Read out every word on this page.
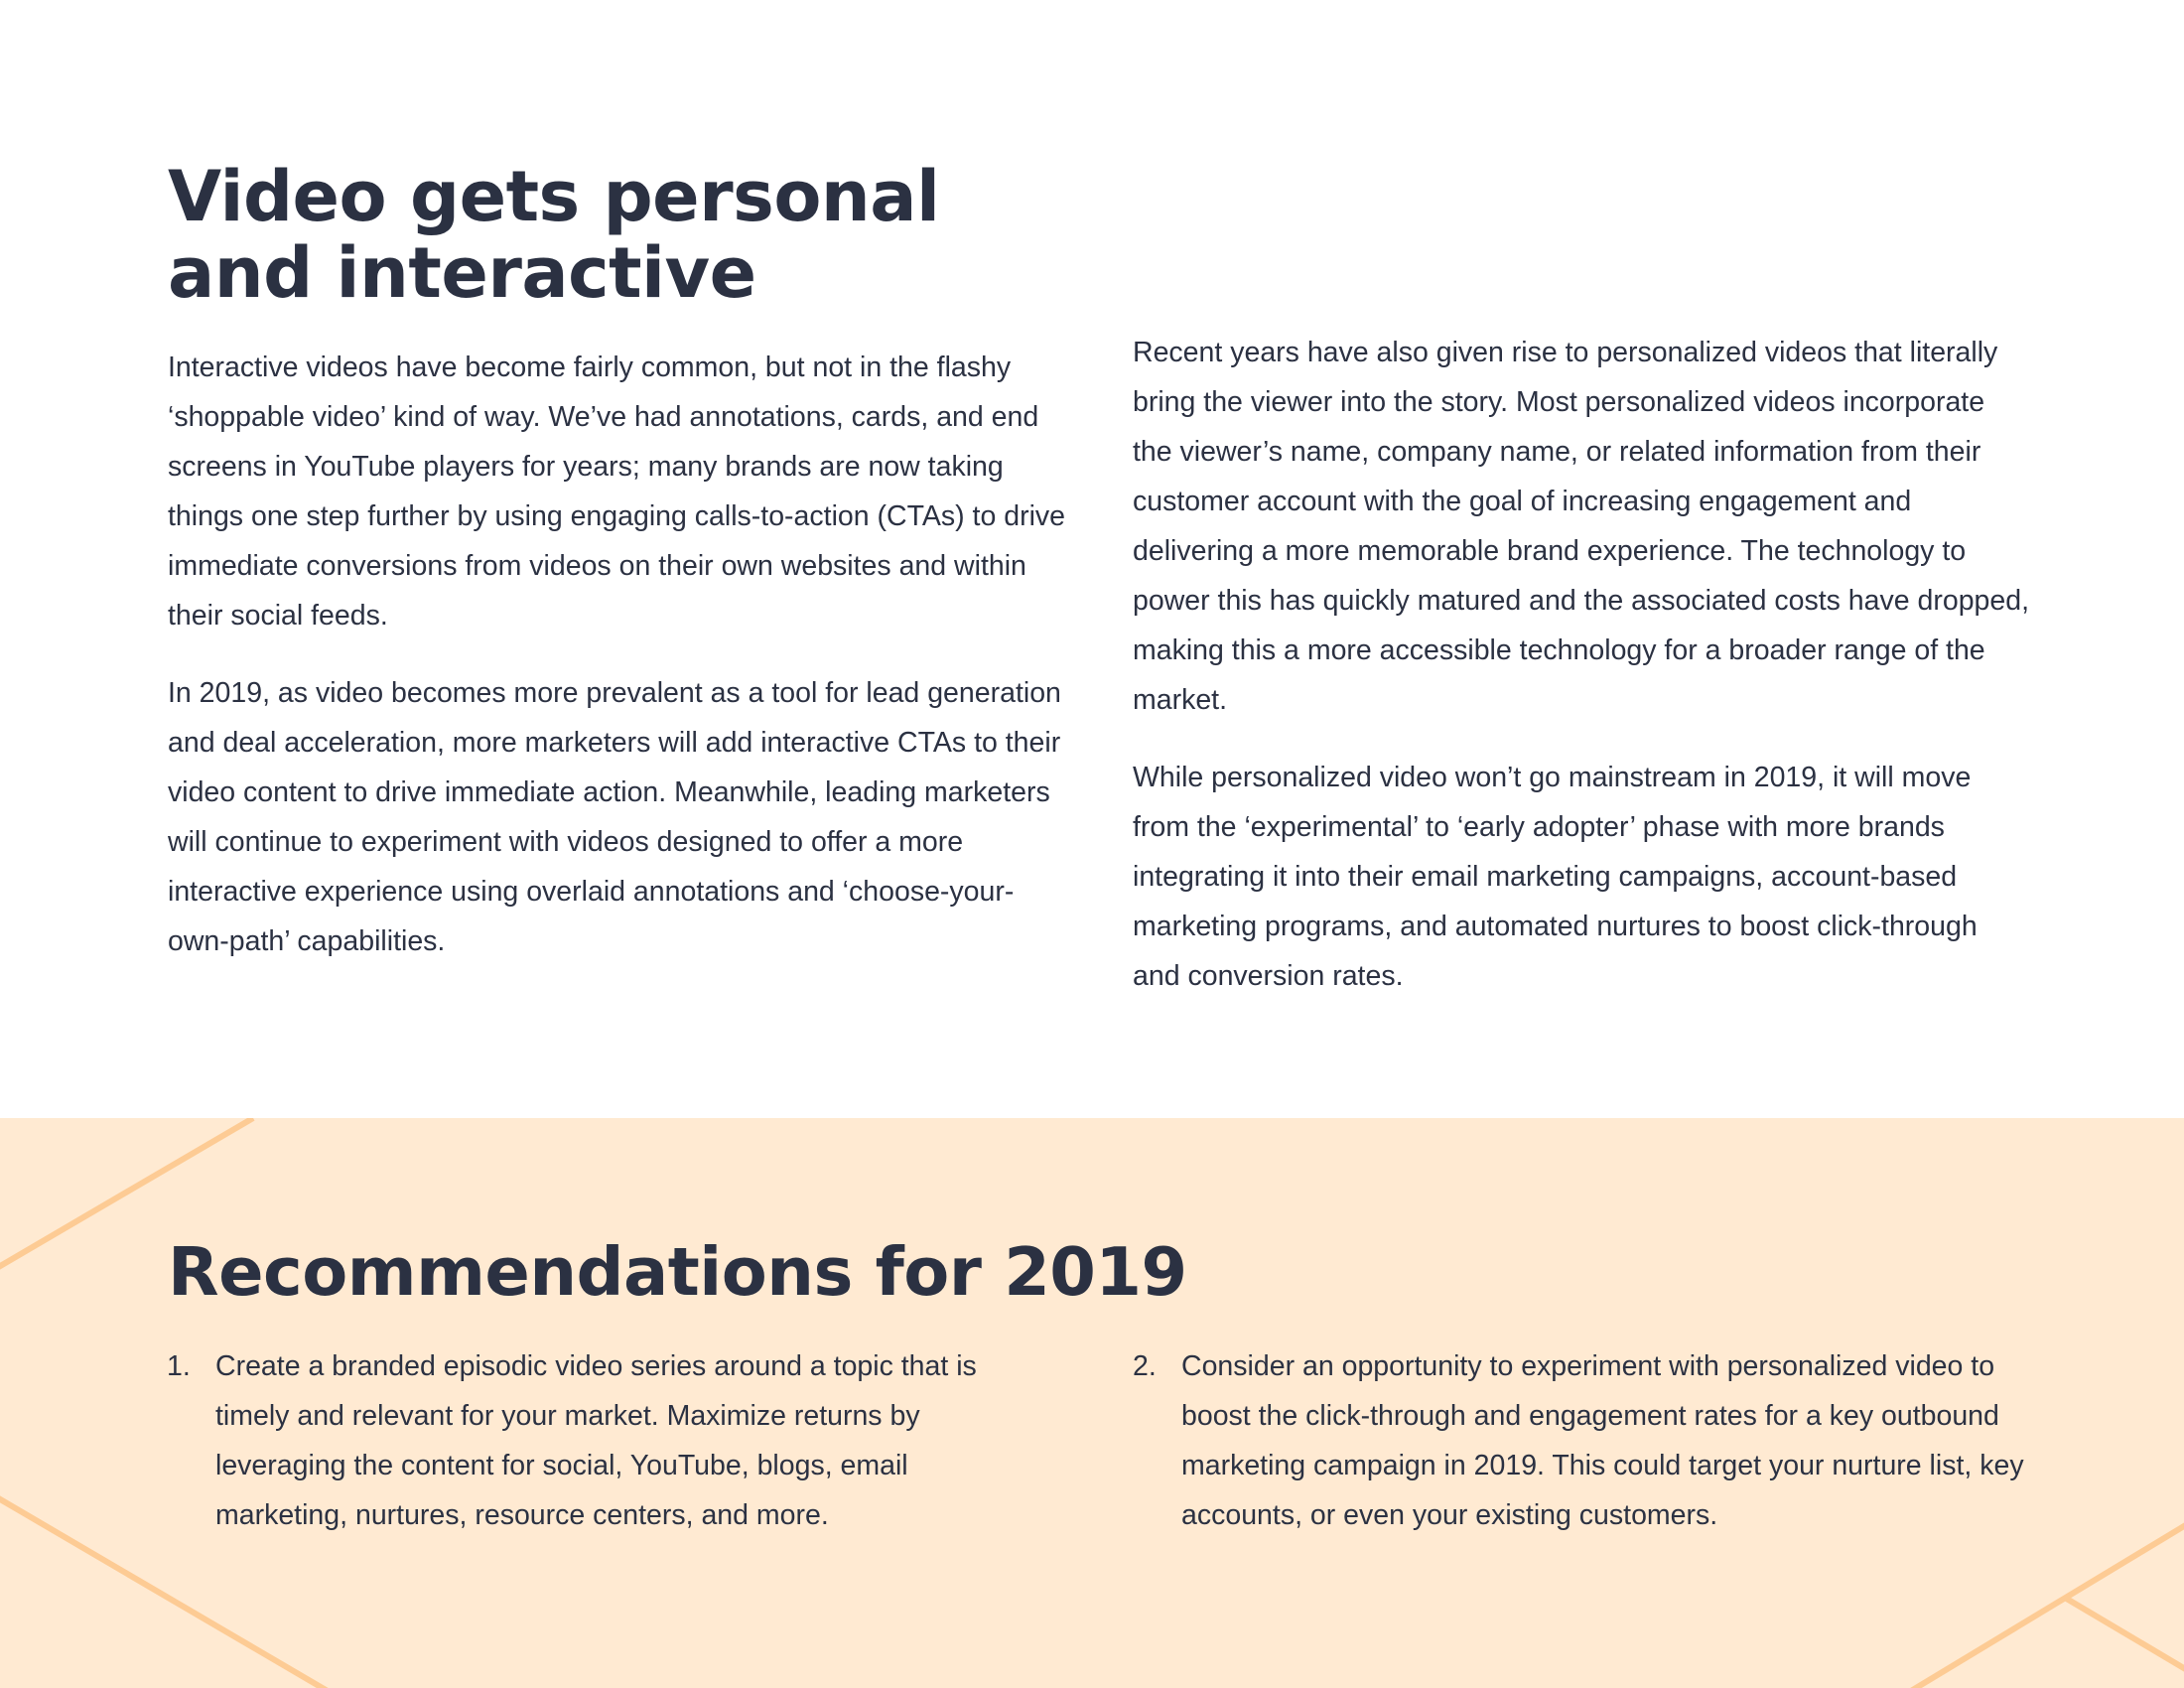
Video gets personal
and interactive

Interactive videos have become fairly common, but not in the flashy ‘shoppable video’ kind of way. We’ve had annotations, cards, and end screens in YouTube players for years; many brands are now taking things one step further by using engaging calls-to-action (CTAs) to drive immediate conversions from videos on their own websites and within their social feeds.

In 2019, as video becomes more prevalent as a tool for lead generation and deal acceleration, more marketers will add interactive CTAs to their video content to drive immediate action. Meanwhile, leading marketers will continue to experiment with videos designed to offer a more interactive experience using overlaid annotations and ‘choose-your-own-path’ capabilities.

Recent years have also given rise to personalized videos that literally bring the viewer into the story. Most personalized videos incorporate the viewer’s name, company name, or related information from their customer account with the goal of increasing engagement and delivering a more memorable brand experience. The technology to power this has quickly matured and the associated costs have dropped, making this a more accessible technology for a broader range of the market.

While personalized video won’t go mainstream in 2019, it will move from the ‘experimental’ to ‘early adopter’ phase with more brands integrating it into their email marketing campaigns, account-based marketing programs, and automated nurtures to boost click-through and conversion rates.

Recommendations for 2019
1. Create a branded episodic video series around a topic that is timely and relevant for your market. Maximize returns by leveraging the content for social, YouTube, blogs, email marketing, nurtures, resource centers, and more.
2. Consider an opportunity to experiment with personalized video to boost the click-through and engagement rates for a key outbound marketing campaign in 2019. This could target your nurture list, key accounts, or even your existing customers.
